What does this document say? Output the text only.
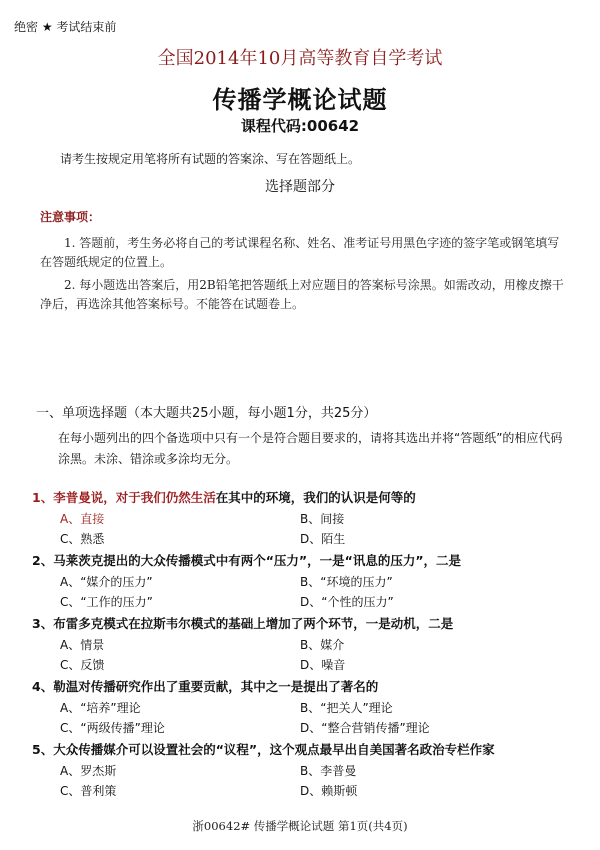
绝密 ★ 考试结束前
全国2014年10月高等教育自学考试
传播学概论试题
课程代码:00642
请考生按规定用笔将所有试题的答案涂、写在答题纸上。
选择题部分
注意事项：
1. 答题前，考生务必将自己的考试课程名称、姓名、准考证号用黑色字迹的签字笔或钢笔填写在答题纸规定的位置上。
2. 每小题选出答案后，用2B铅笔把答题纸上对应题目的答案标号涂黑。如需改动，用橡皮擦干净后，再选涂其他答案标号。不能答在试题卷上。
一、单项选择题（本大题共25小题，每小题1分，共25分）
在每小题列出的四个备选项中只有一个是符合题目要求的，请将其选出并将“答题纸”的相应代码涂黑。未涂、错涂或多涂均无分。
1、李普曼说，对于我们仍然生活在其中的环境，我们的认识是何等的
A、直接	B、间接
C、熟悉	D、陌生
2、马莱茨克提出的大众传播模式中有两个“压力”，一是“讯息的压力”，二是
A、“媒介的压力”	B、“环境的压力”
C、“工作的压力”	D、“个性的压力”
3、布雷多克模式在拉斯韦尔模式的基础上增加了两个环节，一是动机，二是
A、情景	B、媒介
C、反馈	D、噪音
4、勒温对传播研究作出了重要贡献，其中之一是提出了著名的
A、“培养”理论	B、“把关人”理论
C、“两级传播”理论	D、“整合营销传播”理论
5、大众传播媒介可以设置社会的“议程”，这个观点最早出自美国著名政治专栏作家
A、罗杰斯	B、李普曼
C、普利策	D、赖斯顿
浙00642# 传播学概论试题 第1页(共4页)
